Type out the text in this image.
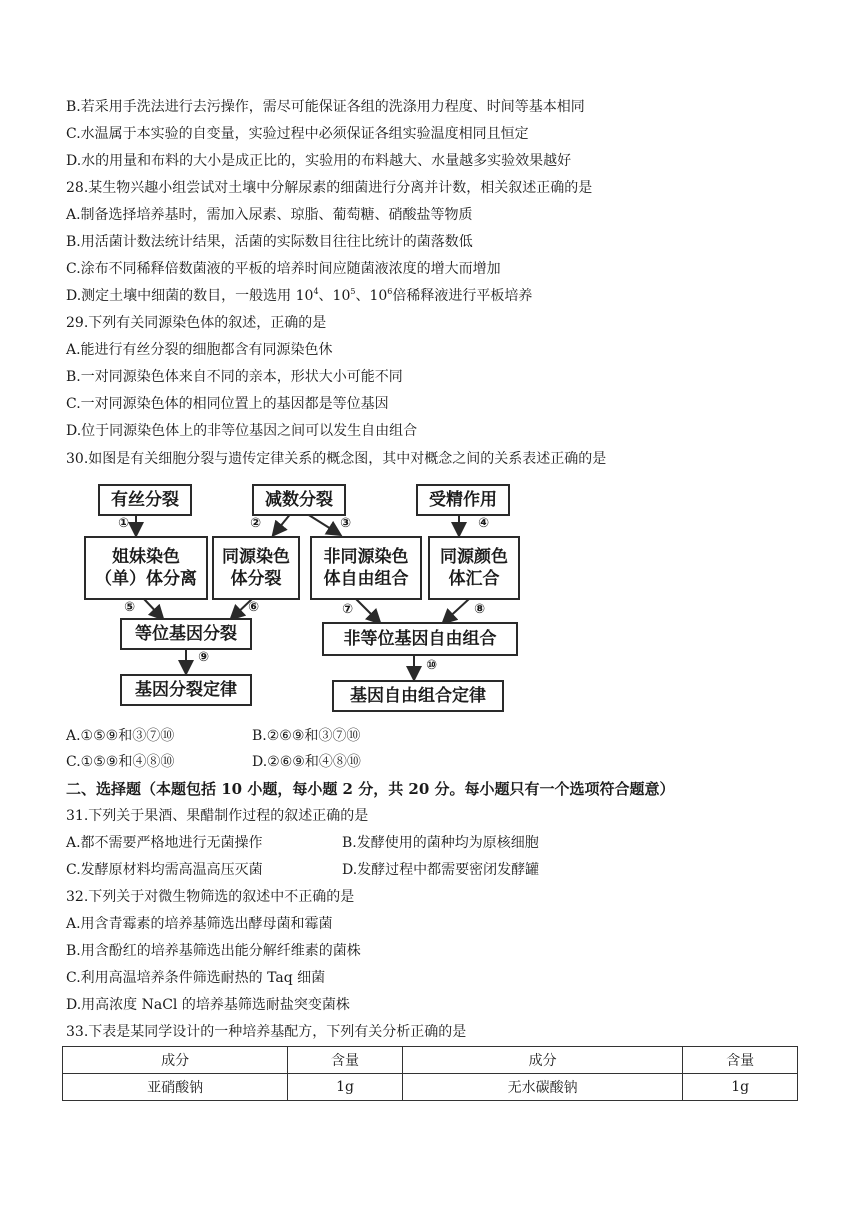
B.若采用手洗法进行去污操作，需尽可能保证各组的洗涤用力程度、时间等基本相同
C.水温属于本实验的自变量，实验过程中必须保证各组实验温度相同且恒定
D.水的用量和布料的大小是成正比的，实验用的布料越大、水量越多实验效果越好
28.某生物兴趣小组尝试对土壤中分解尿素的细菌进行分离并计数，相关叙述正确的是
A.制备选择培养基时，需加入尿素、琼脂、葡萄糖、硝酸盐等物质
B.用活菌计数法统计结果，活菌的实际数目往往比统计的菌落数低
C.涂布不同稀释倍数菌液的平板的培养时间应随菌液浓度的增大而增加
D.测定土壤中细菌的数目，一般选用 $10^4$、$10^5$、$10^6$倍稀释液进行平板培养
29.下列有关同源染色体的叙述，正确的是
A.能进行有丝分裂的细胞都含有同源染色休
B.一对同源染色体来自不同的亲本，形状大小可能不同
C.一对同源染色体的相同位置上的基因都是等位基因
D.位于同源染色体上的非等位基因之间可以发生自由组合
30.如图是有关细胞分裂与遗传定律关系的概念图，其中对概念之间的关系表述正确的是
有丝分裂	减数分裂	受精作用
①	②	③	④
姐妹染色
（单）体分离
同源染色
体分裂
非同源染色
体自由组合
同源颜色
体汇合
⑤	⑥	⑦	⑧
等位基因分裂	非等位基因自由组合
⑨
⑩
基因分裂定律	基因自由组合定律
A.①⑤⑨和③⑦⑩	B.②⑥⑨和③⑦⑩
C.①⑤⑨和④⑧⑩	D.②⑥⑨和④⑧⑩
二、选择题（本题包括 10 小题，每小题 2 分，共 20 分。每小题只有一个选项符合题意）
31.下列关于果酒、果醋制作过程的叙述正确的是
A.都不需要严格地进行无菌操作	B.发酵使用的菌种均为原核细胞
C.发酵原材料均需高温高压灭菌	D.发酵过程中都需要密闭发酵罐
32.下列关于对微生物筛选的叙述中不正确的是
A.用含青霉素的培养基筛选出酵母菌和霉菌
B.用含酚红的培养基筛选出能分解纤维素的菌株
C.利用高温培养条件筛选耐热的 Taq 细菌
D.用高浓度 NaCl 的培养基筛选耐盐突变菌株
33.下表是某同学设计的一种培养基配方，下列有关分析正确的是
成分	含量	成分	含量
亚硝酸钠	1g	无水碳酸钠	1g
